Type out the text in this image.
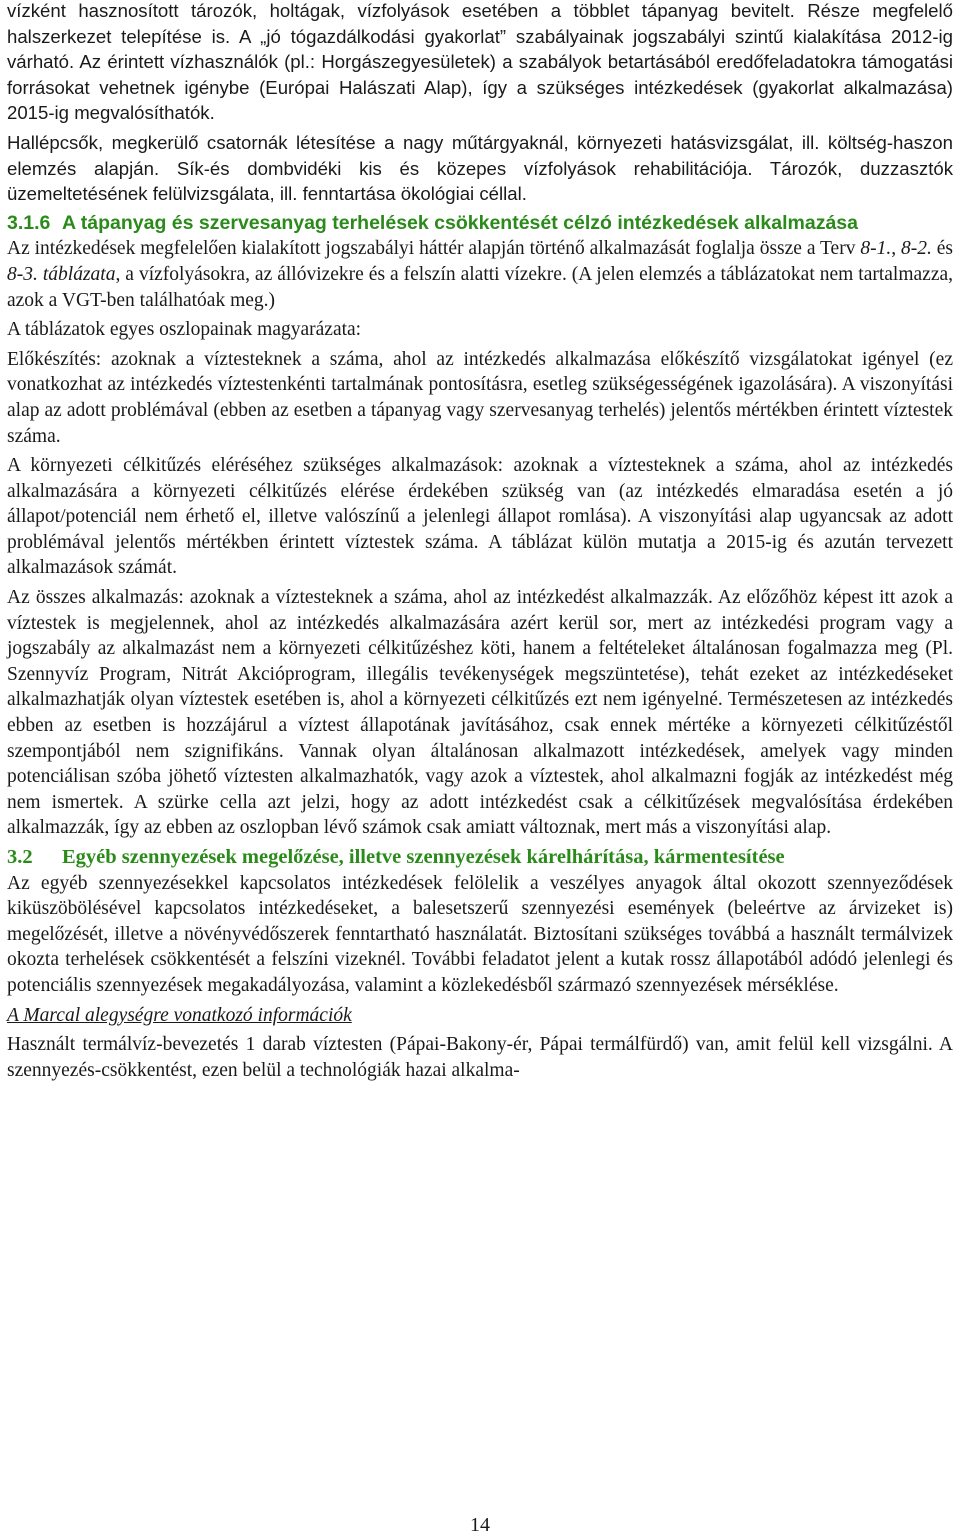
vízként hasznosított tározók, holtágak, vízfolyások esetében a többlet tápanyag bevitelt. Része megfelelő halszerkezet telepítése is. A „jó tógazdálkodási gyakorlat” szabályainak jogszabályi szintű kialakítása 2012-ig várható. Az érintett vízhasználók (pl.: Horgászegyesületek) a szabályok betartásából eredőfeladatokra támogatási forrásokat vehetnek igénybe (Európai Halászati Alap), így a szükséges intézkedések (gyakorlat alkalmazása) 2015-ig megvalósíthatók.

Hallépcsők, megkerülő csatornák létesítése a nagy műtárgyaknál, környezeti hatásvizsgálat, ill. költség-haszon elemzés alapján. Sík-és dombvidéki kis és közepes vízfolyások rehabilitációja. Tározók, duzzasztók üzemeltetésének felülvizsgálata, ill. fenntartása ökológiai céllal.

3.1.6 A tápanyag és szervesanyag terhelések csökkentését célzó intézkedések alkalmazása

Az intézkedések megfelelően kialakított jogszabályi háttér alapján történő alkalmazását foglalja össze a Terv 8-1., 8-2. és 8-3. táblázata, a vízfolyásokra, az állóvizekre és a felszín alatti vízekre. (A jelen elemzés a táblázatokat nem tartalmazza, azok a VGT-ben találhatóak meg.)

A táblázatok egyes oszlopainak magyarázata:

Előkészítés: azoknak a víztesteknek a száma, ahol az intézkedés alkalmazása előkészítő vizsgálatokat igényel (ez vonatkozhat az intézkedés víztestenkénti tartalmának pontosításra, esetleg szükségességének igazolására). A viszonyítási alap az adott problémával (ebben az esetben a tápanyag vagy szervesanyag terhelés) jelentős mértékben érintett víztestek száma.

A környezeti célkitűzés eléréséhez szükséges alkalmazások: azoknak a víztesteknek a száma, ahol az intézkedés alkalmazására a környezeti célkitűzés elérése érdekében szükség van (az intézkedés elmaradása esetén a jó állapot/potenciál nem érhető el, illetve valószínű a jelenlegi állapot romlása). A viszonyítási alap ugyancsak az adott problémával jelentős mértékben érintett víztestek száma. A táblázat külön mutatja a 2015-ig és azután tervezett alkalmazások számát.

Az összes alkalmazás: azoknak a víztesteknek a száma, ahol az intézkedést alkalmazzák. Az előzőhöz képest itt azok a víztestek is megjelennek, ahol az intézkedés alkalmazására azért kerül sor, mert az intézkedési program vagy a jogszabály az alkalmazást nem a környezeti célkitűzéshez köti, hanem a feltételeket általánosan fogalmazza meg (Pl. Szennyvíz Program, Nitrát Akcióprogram, illegális tevékenységek megszüntetése), tehát ezeket az intézkedéseket alkalmazhatják olyan víztestek esetében is, ahol a környezeti célkitűzés ezt nem igényelné. Természetesen az intézkedés ebben az esetben is hozzájárul a víztest állapotának javításához, csak ennek mértéke a környezeti célkitűzéstől szempontjából nem szignifikáns. Vannak olyan általánosan alkalmazott intézkedések, amelyek vagy minden potenciálisan szóba jöhető víztesten alkalmazhatók, vagy azok a víztestek, ahol alkalmazni fogják az intézkedést még nem ismertek. A szürke cella azt jelzi, hogy az adott intézkedést csak a célkitűzések megvalósítása érdekében alkalmazzák, így az ebben az oszlopban lévő számok csak amiatt változnak, mert más a viszonyítási alap.

3.2 Egyéb szennyezések megelőzése, illetve szennyezések kárelhárítása, kármentesítése

Az egyéb szennyezésekkel kapcsolatos intézkedések felölelik a veszélyes anyagok által okozott szennyeződések kiküszöbölésével kapcsolatos intézkedéseket, a balesetszerű szennyezési események (beleértve az árvizeket is) megelőzését, illetve a növényvédőszerek fenntartható használatát. Biztosítani szükséges továbbá a használt termálvizek okozta terhelések csökkentését a felszíni vizeknél. További feladatot jelent a kutak rossz állapotából adódó jelenlegi és potenciális szennyezések megakadályozása, valamint a közlekedésből származó szennyezések mérséklése.

A Marcal alegységre vonatkozó információk

Használt termálvíz-bevezetés 1 darab víztesten (Pápai-Bakony-ér, Pápai termálfürdő) van, amit felül kell vizsgálni. A szennyezés-csökkentést, ezen belül a technológiák hazai alkalma-

14
